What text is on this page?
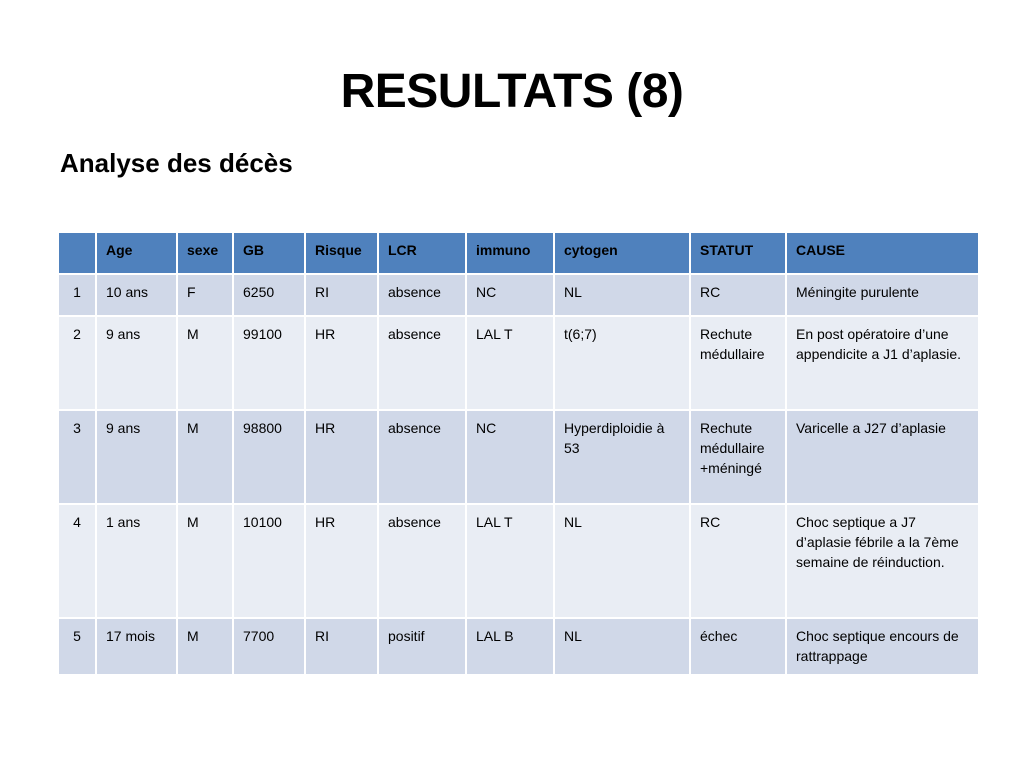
RESULTATS (8)
Analyse des décès
	Age	sexe	GB	Risque	LCR	immuno	cytogen	STATUT	CAUSE
1	10 ans	F	6250	RI	absence	NC	NL	RC	Méningite purulente
2	9 ans	M	99100	HR	absence	LAL T	t(6;7)	Rechute médullaire	En post opératoire d’une appendicite a J1 d’aplasie.
3	9 ans	M	98800	HR	absence	NC	Hyperdiploidie à 53	Rechute médullaire +méningé	Varicelle a J27 d’aplasie
4	1 ans	M	10100	HR	absence	LAL T	NL	RC	Choc septique a J7 d’aplasie fébrile a la 7ème semaine de réinduction.
5	17 mois	M	7700	RI	positif	LAL B	NL	échec	Choc septique encours de rattrappage
